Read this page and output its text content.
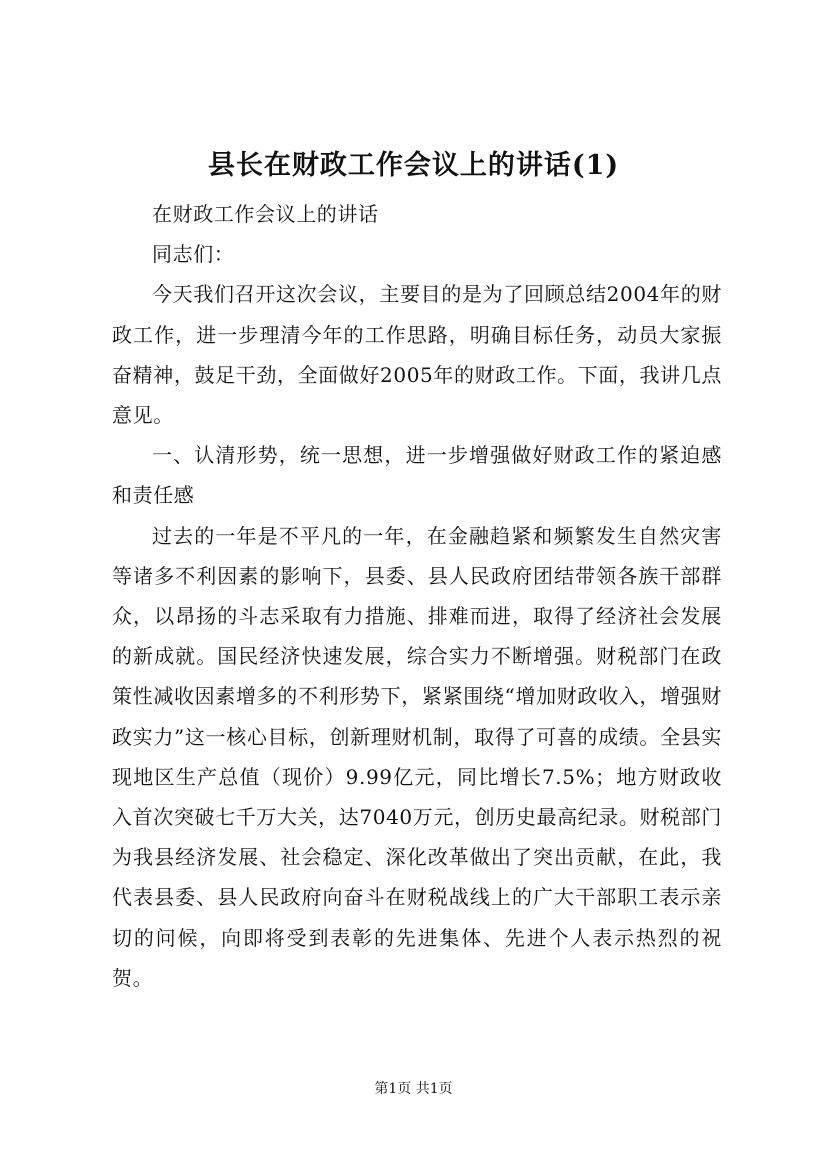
县长在财政工作会议上的讲话(1)

在财政工作会议上的讲话

同志们：

今天我们召开这次会议，主要目的是为了回顾总结2004年的财政工作，进一步理清今年的工作思路，明确目标任务，动员大家振奋精神，鼓足干劲，全面做好2005年的财政工作。下面，我讲几点意见。

一、认清形势，统一思想，进一步增强做好财政工作的紧迫感和责任感

过去的一年是不平凡的一年，在金融趋紧和频繁发生自然灾害等诸多不利因素的影响下，县委、县人民政府团结带领各族干部群众，以昂扬的斗志采取有力措施、排难而进，取得了经济社会发展的新成就。国民经济快速发展，综合实力不断增强。财税部门在政策性减收因素增多的不利形势下，紧紧围绕“增加财政收入，增强财政实力”这一核心目标，创新理财机制，取得了可喜的成绩。全县实现地区生产总值（现价）9.99亿元，同比增长7.5%；地方财政收入首次突破七千万大关，达7040万元，创历史最高纪录。财税部门为我县经济发展、社会稳定、深化改革做出了突出贡献，在此，我代表县委、县人民政府向奋斗在财税战线上的广大干部职工表示亲切的问候，向即将受到表彰的先进集体、先进个人表示热烈的祝贺。

第1页 共1页
